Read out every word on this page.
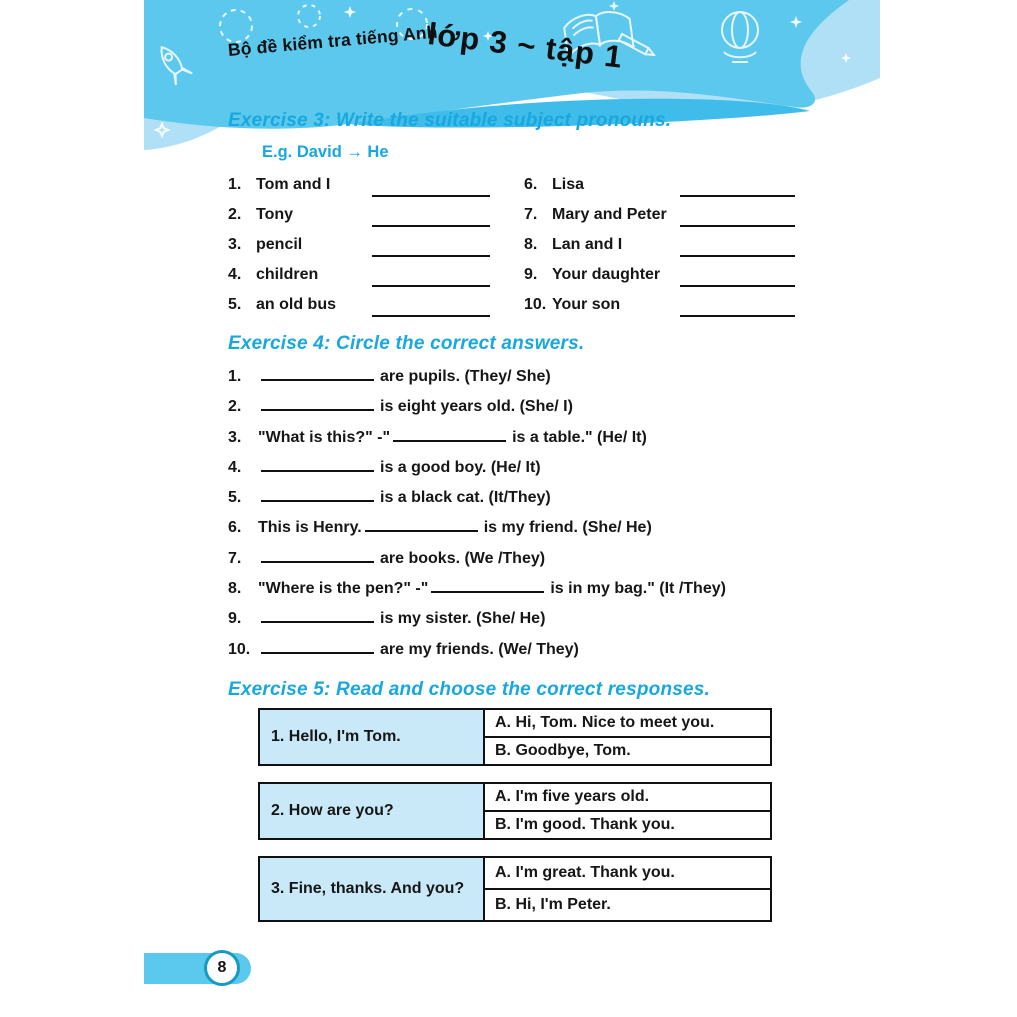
Bộ đề kiểm tra tiếng Anh
lớp 3 ~ tập 1
Exercise 3: Write the suitable subject pronouns.
E.g. David → He
1. Tom and I	6. Lisa
2. Tony	7. Mary and Peter
3. pencil	8. Lan and I
4. children	9. Your daughter
5. an old bus	10. Your son
Exercise 4: Circle the correct answers.
1.	are pupils. (They/ She)
2.	is eight years old. (She/ I)
3. "What is this?" -"	is a table." (He/ It)
4.	is a good boy. (He/ It)
5.	is a black cat. (It/They)
6. This is Henry.	is my friend. (She/ He)
7.	are books. (We /They)
8. "Where is the pen?" -"	is in my bag." (It /They)
9.	is my sister. (She/ He)
10.	are my friends. (We/ They)
Exercise 5: Read and choose the correct responses.
1. Hello, I'm Tom.
A. Hi, Tom. Nice to meet you.
B. Goodbye, Tom.
2. How are you?
A. I'm five years old.
B. I'm good. Thank you.
3. Fine, thanks. And you?
A. I'm great. Thank you.
B. Hi, I'm Peter.
8
